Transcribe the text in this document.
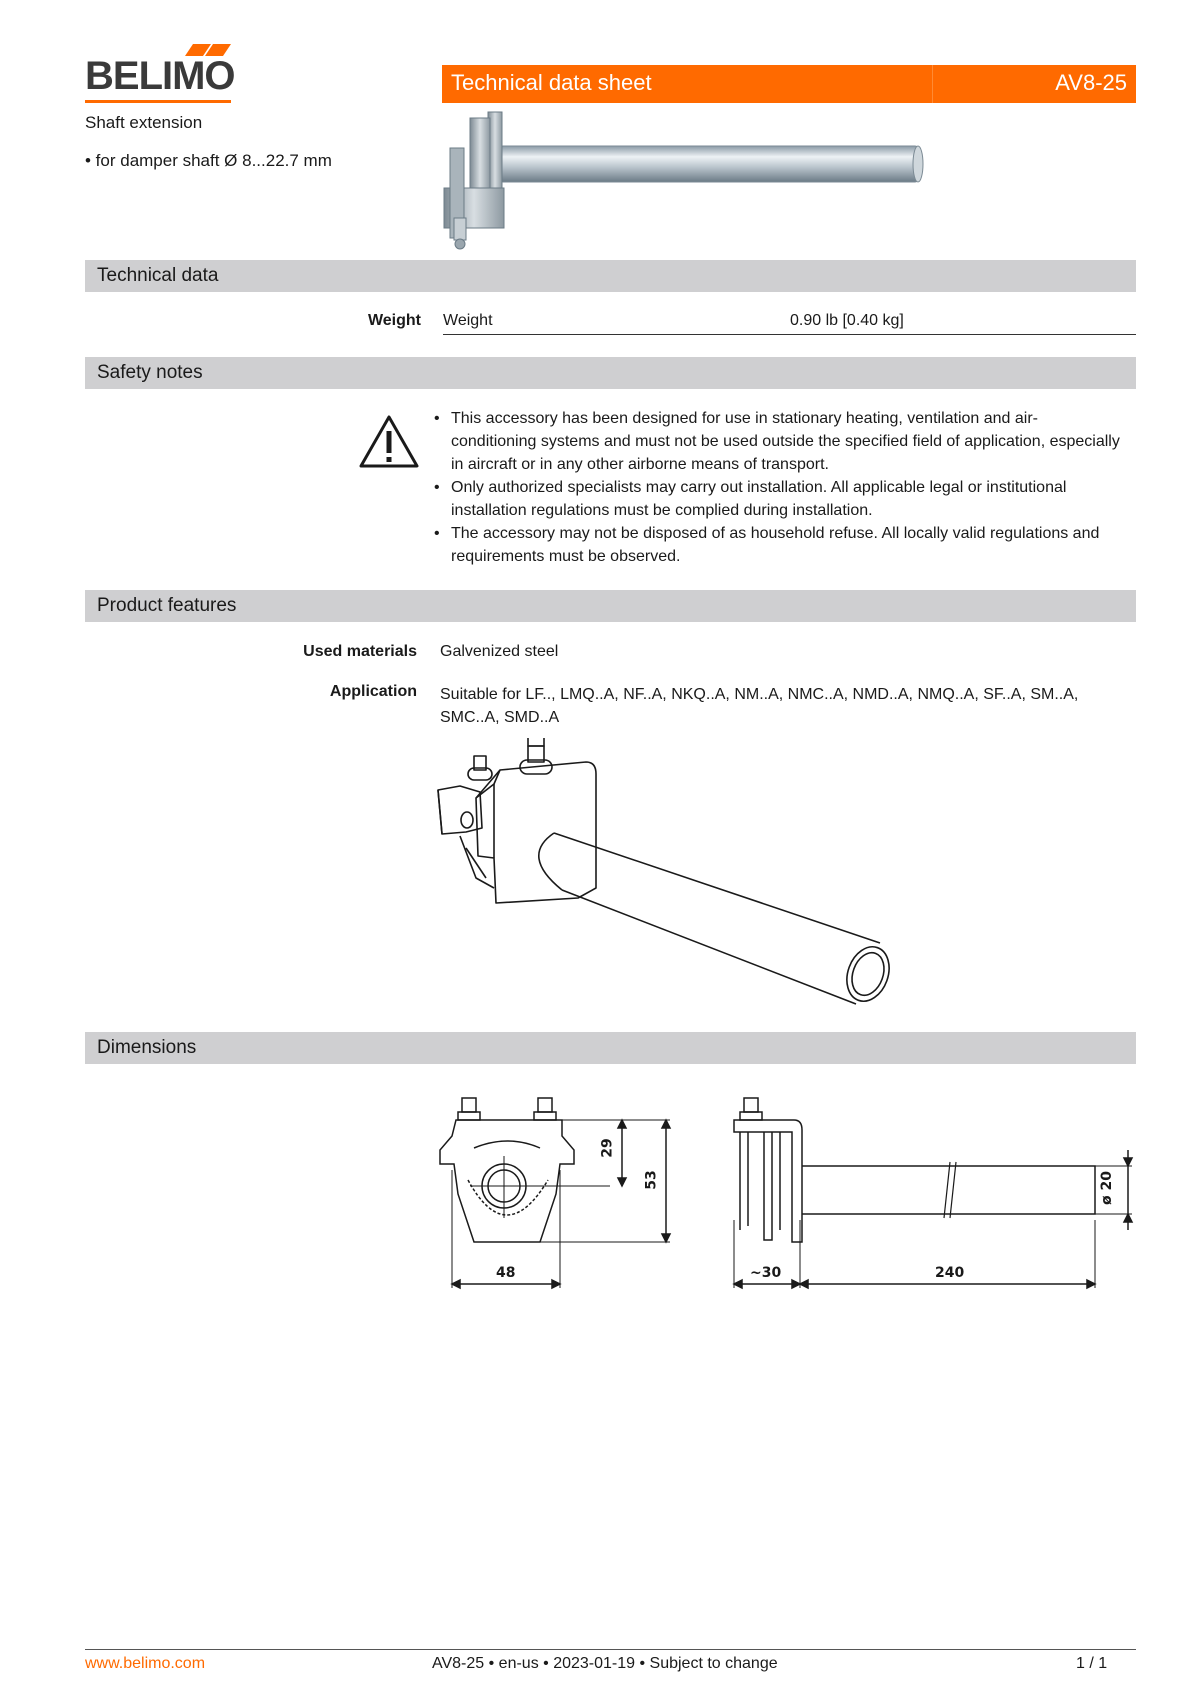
BELIMO
Shaft extension
• for damper shaft Ø 8...22.7 mm
Technical data sheet	AV8-25
Technical data
Weight Weight	0.90 lb [0.40 kg]
Safety notes
• This accessory has been designed for use in stationary heating, ventilation and air-conditioning systems and must not be used outside the specified field of application, especially in aircraft or in any other airborne means of transport.
• Only authorized specialists may carry out installation. All applicable legal or institutional installation regulations must be complied during installation.
• The accessory may not be disposed of as household refuse. All locally valid regulations and requirements must be observed.
Product features
Used materials Galvenized steel
Application Suitable for LF.., LMQ..A, NF..A, NKQ..A, NM..A, NMC..A, NMD..A, NMQ..A, SF..A, SM..A, SMC..A, SMD..A
Dimensions
29
53
48	~30	240
ø 20
www.belimo.com	AV8-25 • en-us • 2023-01-19 • Subject to change	1 / 1
